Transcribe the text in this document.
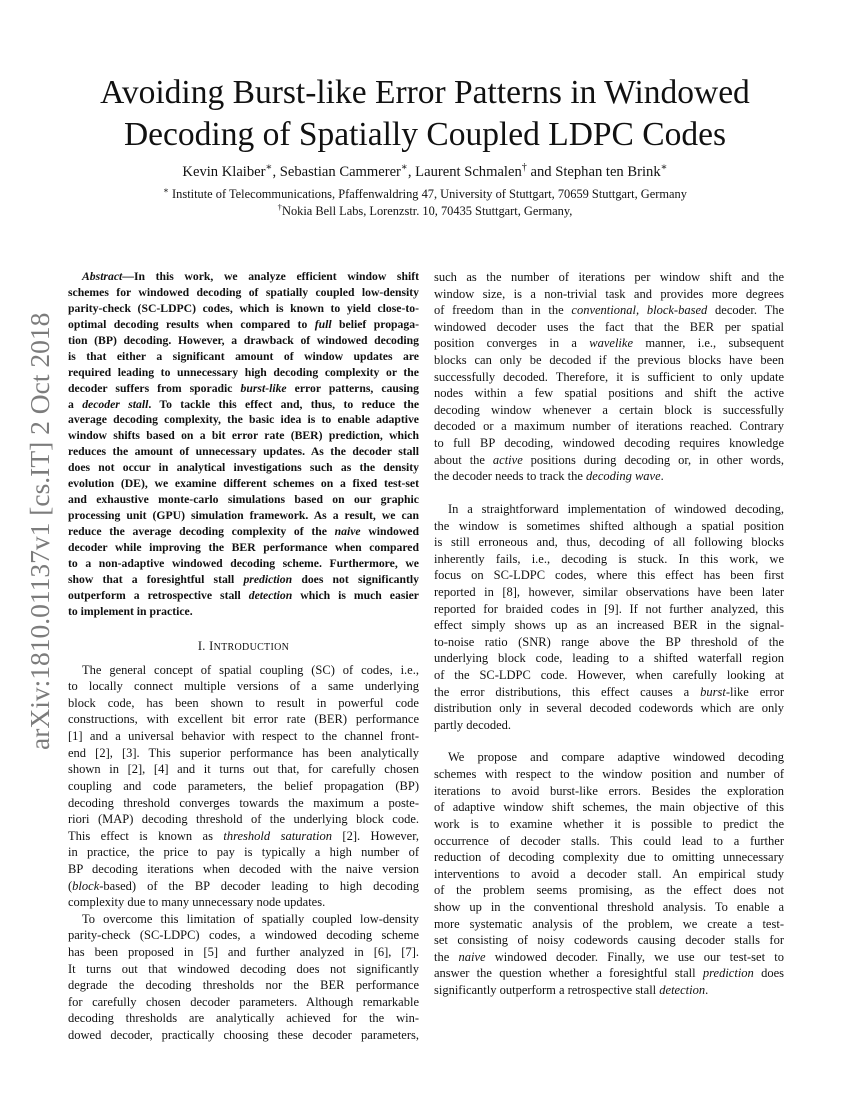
Avoiding Burst-like Error Patterns in Windowed
Decoding of Spatially Coupled LDPC Codes
Kevin Klaiber∗, Sebastian Cammerer∗, Laurent Schmalen† and Stephan ten Brink∗
∗ Institute of Telecommunications, Pfaffenwaldring 47, University of Stuttgart, 70659 Stuttgart, Germany
†Nokia Bell Labs, Lorenzstr. 10, 70435 Stuttgart, Germany,
arXiv:1810.01137v1 [cs.IT] 2 Oct 2018
Abstract—In this work, we analyze efficient window shift
schemes for windowed decoding of spatially coupled low-density
parity-check (SC-LDPC) codes, which is known to yield close-to-
optimal decoding results when compared to full belief propaga-
tion (BP) decoding. However, a drawback of windowed decoding
is that either a significant amount of window updates are
required leading to unnecessary high decoding complexity or the
decoder suffers from sporadic burst-like error patterns, causing
a decoder stall. To tackle this effect and, thus, to reduce the
average decoding complexity, the basic idea is to enable adaptive
window shifts based on a bit error rate (BER) prediction, which
reduces the amount of unnecessary updates. As the decoder stall
does not occur in analytical investigations such as the density
evolution (DE), we examine different schemes on a fixed test-set
and exhaustive monte-carlo simulations based on our graphic
processing unit (GPU) simulation framework. As a result, we can
reduce the average decoding complexity of the naive windowed
decoder while improving the BER performance when compared
to a non-adaptive windowed decoding scheme. Furthermore, we
show that a foresightful stall prediction does not significantly
outperform a retrospective stall detection which is much easier
to implement in practice.
I. INTRODUCTION
The general concept of spatial coupling (SC) of codes, i.e.,
to locally connect multiple versions of a same underlying
block code, has been shown to result in powerful code
constructions, with excellent bit error rate (BER) performance
[1] and a universal behavior with respect to the channel front-
end [2], [3]. This superior performance has been analytically
shown in [2], [4] and it turns out that, for carefully chosen
coupling and code parameters, the belief propagation (BP)
decoding threshold converges towards the maximum a poste-
riori (MAP) decoding threshold of the underlying block code.
This effect is known as threshold saturation [2]. However,
in practice, the price to pay is typically a high number of
BP decoding iterations when decoded with the naive version
(block-based) of the BP decoder leading to high decoding
complexity due to many unnecessary node updates.
To overcome this limitation of spatially coupled low-density
parity-check (SC-LDPC) codes, a windowed decoding scheme
has been proposed in [5] and further analyzed in [6], [7].
It turns out that windowed decoding does not significantly
degrade the decoding thresholds nor the BER performance
for carefully chosen decoder parameters. Although remarkable
decoding thresholds are analytically achieved for the win-
dowed decoder, practically choosing these decoder parameters,
such as the number of iterations per window shift and the
window size, is a non-trivial task and provides more degrees
of freedom than in the conventional, block-based decoder. The
windowed decoder uses the fact that the BER per spatial
position converges in a wavelike manner, i.e., subsequent
blocks can only be decoded if the previous blocks have been
successfully decoded. Therefore, it is sufficient to only update
nodes within a few spatial positions and shift the active
decoding window whenever a certain block is successfully
decoded or a maximum number of iterations reached. Contrary
to full BP decoding, windowed decoding requires knowledge
about the active positions during decoding or, in other words,
the decoder needs to track the decoding wave.
In a straightforward implementation of windowed decoding,
the window is sometimes shifted although a spatial position
is still erroneous and, thus, decoding of all following blocks
inherently fails, i.e., decoding is stuck. In this work, we
focus on SC-LDPC codes, where this effect has been first
reported in [8], however, similar observations have been later
reported for braided codes in [9]. If not further analyzed, this
effect simply shows up as an increased BER in the signal-
to-noise ratio (SNR) range above the BP threshold of the
underlying block code, leading to a shifted waterfall region
of the SC-LDPC code. However, when carefully looking at
the error distributions, this effect causes a burst-like error
distribution only in several decoded codewords which are only
partly decoded.
We propose and compare adaptive windowed decoding
schemes with respect to the window position and number of
iterations to avoid burst-like errors. Besides the exploration
of adaptive window shift schemes, the main objective of this
work is to examine whether it is possible to predict the
occurrence of decoder stalls. This could lead to a further
reduction of decoding complexity due to omitting unnecessary
interventions to avoid a decoder stall. An empirical study
of the problem seems promising, as the effect does not
show up in the conventional threshold analysis. To enable a
more systematic analysis of the problem, we create a test-
set consisting of noisy codewords causing decoder stalls for
the naive windowed decoder. Finally, we use our test-set to
answer the question whether a foresightful stall prediction does
significantly outperform a retrospective stall detection.
